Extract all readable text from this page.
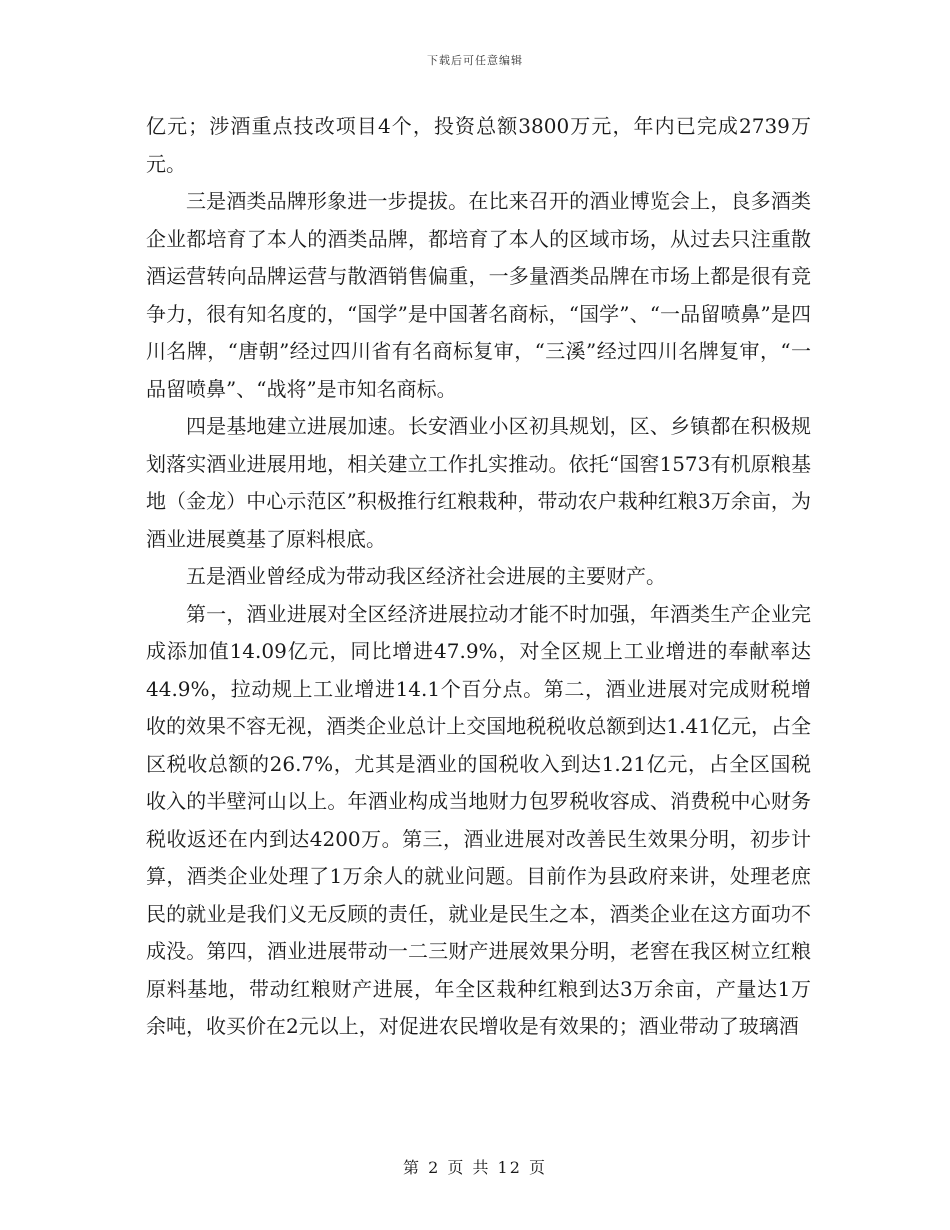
下载后可任意编辑

亿元；涉酒重点技改项目4个，投资总额3800万元，年内已完成2739万元。

三是酒类品牌形象进一步提拔。在比来召开的酒业博览会上，良多酒类企业都培育了本人的酒类品牌，都培育了本人的区域市场，从过去只注重散酒运营转向品牌运营与散酒销售偏重，一多量酒类品牌在市场上都是很有竞争力，很有知名度的，“国学”是中国著名商标，“国学”、“一品留喷鼻”是四川名牌，“唐朝”经过四川省有名商标复审，“三溪”经过四川名牌复审，“一品留喷鼻”、“战将”是市知名商标。

四是基地建立进展加速。长安酒业小区初具规划，区、乡镇都在积极规划落实酒业进展用地，相关建立工作扎实推动。依托“国窖1573有机原粮基地（金龙）中心示范区”积极推行红粮栽种，带动农户栽种红粮3万余亩，为酒业进展奠基了原料根底。

五是酒业曾经成为带动我区经济社会进展的主要财产。

第一，酒业进展对全区经济进展拉动才能不时加强，年酒类生产企业完成添加值14.09亿元，同比增进47.9%，对全区规上工业增进的奉献率达44.9%，拉动规上工业增进14.1个百分点。第二，酒业进展对完成财税增收的效果不容无视，酒类企业总计上交国地税税收总额到达1.41亿元，占全区税收总额的26.7%，尤其是酒业的国税收入到达1.21亿元，占全区国税收入的半壁河山以上。年酒业构成当地财力包罗税收容成、消费税中心财务税收返还在内到达4200万。第三，酒业进展对改善民生效果分明，初步计算，酒类企业处理了1万余人的就业问题。目前作为县政府来讲，处理老庶民的就业是我们义无反顾的责任，就业是民生之本，酒类企业在这方面功不成没。第四，酒业进展带动一二三财产进展效果分明，老窖在我区树立红粮原料基地，带动红粮财产进展，年全区栽种红粮到达3万余亩，产量达1万余吨，收买价在2元以上，对促进农民增收是有效果的；酒业带动了玻璃酒

第 2 页 共 12 页
